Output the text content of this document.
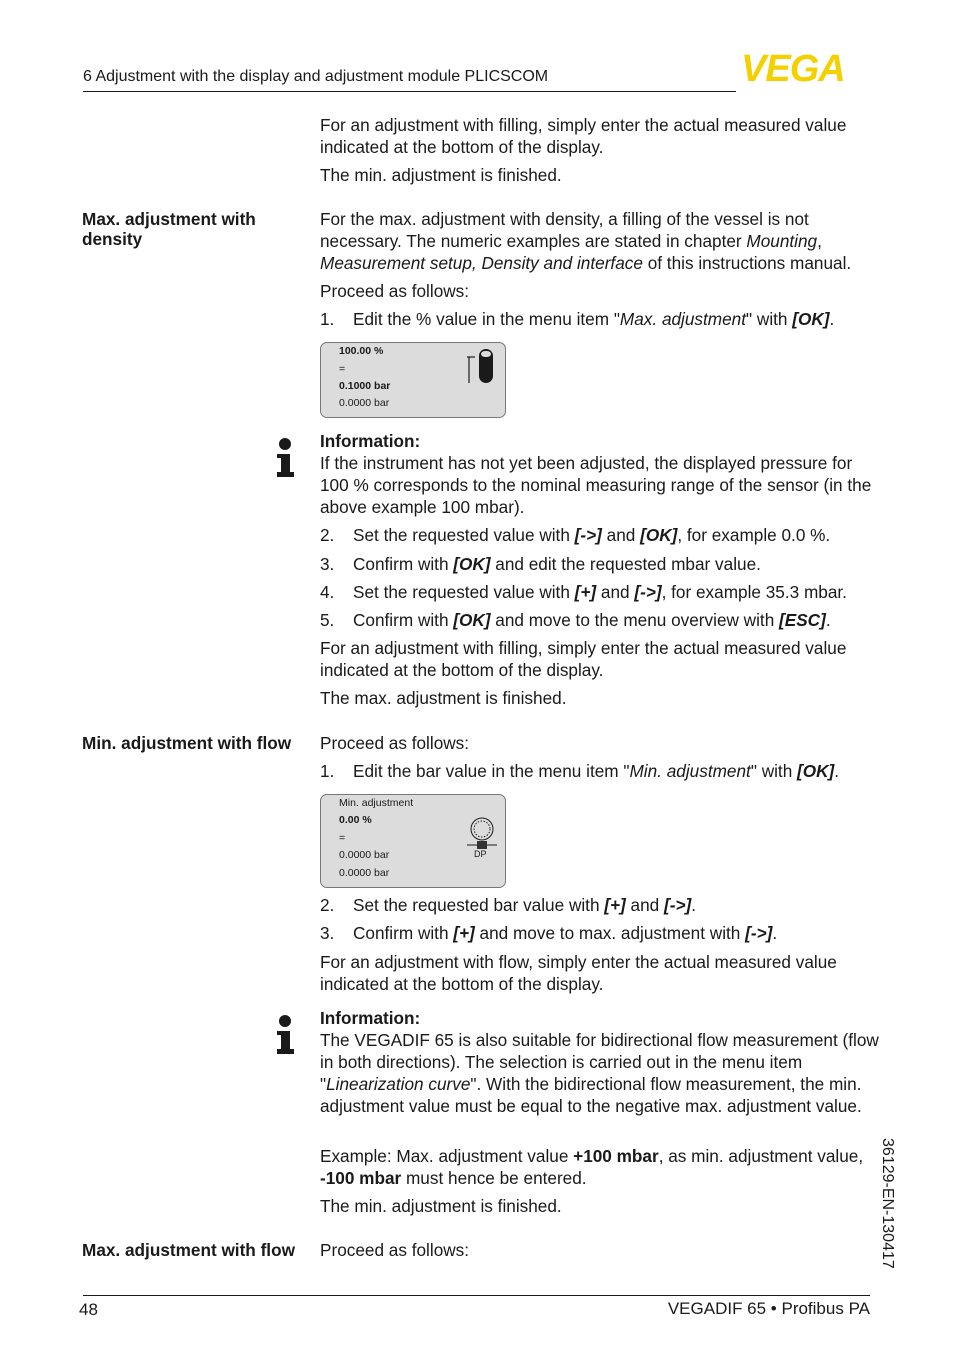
6 Adjustment with the display and adjustment module PLICSCOM	VEGA
For an adjustment with filling, simply enter the actual measured value indicated at the bottom of the display.
The min. adjustment is finished.
Max. adjustment with density
For the max. adjustment with density, a filling of the vessel is not necessary. The numeric examples are stated in chapter Mounting, Measurement setup, Density and interface of this instructions manual.
Proceed as follows:
1. Edit the % value in the menu item "Max. adjustment" with [OK].
100.00 %
=
0.1000 bar
0.0000 bar
Information:
If the instrument has not yet been adjusted, the displayed pressure for 100 % corresponds to the nominal measuring range of the sensor (in the above example 100 mbar).
2. Set the requested value with [->] and [OK], for example 0.0 %.
3. Confirm with [OK] and edit the requested mbar value.
4. Set the requested value with [+] and [->], for example 35.3 mbar.
5. Confirm with [OK] and move to the menu overview with [ESC].
For an adjustment with filling, simply enter the actual measured value indicated at the bottom of the display.
The max. adjustment is finished.
Min. adjustment with flow	Proceed as follows:
1. Edit the bar value in the menu item "Min. adjustment" with [OK].
Min. adjustment
0.00 %
=
0.0000 bar
0.0000 bar
DP
2. Set the requested bar value with [+] and [->].
3. Confirm with [+] and move to max. adjustment with [->].
For an adjustment with flow, simply enter the actual measured value indicated at the bottom of the display.
Information:
The VEGADIF 65 is also suitable for bidirectional flow measurement (flow in both directions). The selection is carried out in the menu item "Linearization curve". With the bidirectional flow measurement, the min. adjustment value must be equal to the negative max. adjustment value.
Example: Max. adjustment value +100 mbar, as min. adjustment value, -100 mbar must hence be entered.
The min. adjustment is finished.
Max. adjustment with flow	Proceed as follows:	36129-EN-130417
48	VEGADIF 65 • Profibus PA
